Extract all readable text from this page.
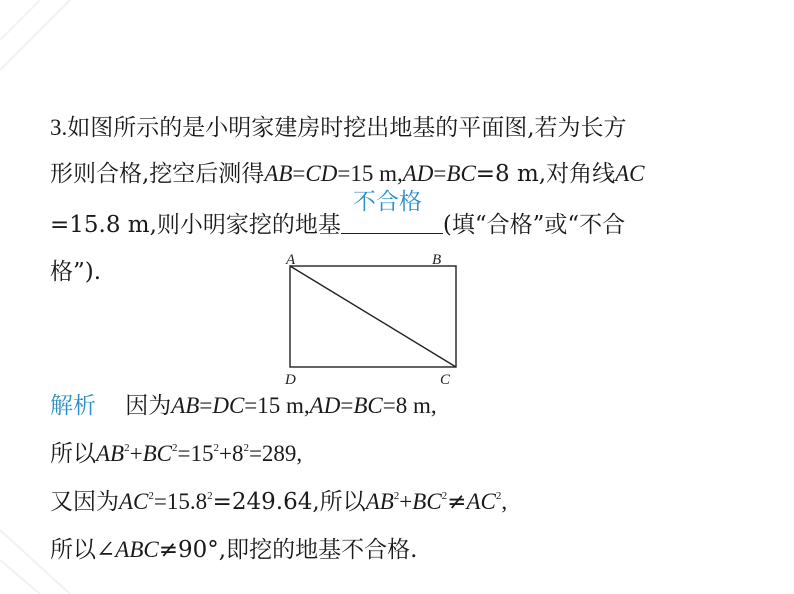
3.如图所示的是小明家建房时挖出地基的平面图,若为长方
形则合格,挖空后测得AB=CD=15 m,AD=BC=8 m,对角线AC
=15.8 m,则小明家挖的地基
不合格
(填“合格”或“不合
格”).	A	B
D	C
解析 因为AB=DC=15 m,AD=BC=8 m,
所以$AB^2+BC^2=15^2+8^2=289$,
又因为$AC^2=15.8^2=249.64$,所以$AB^2+BC^2\ne AC^2$,
所以∠ABC≠90°,即挖的地基不合格.
